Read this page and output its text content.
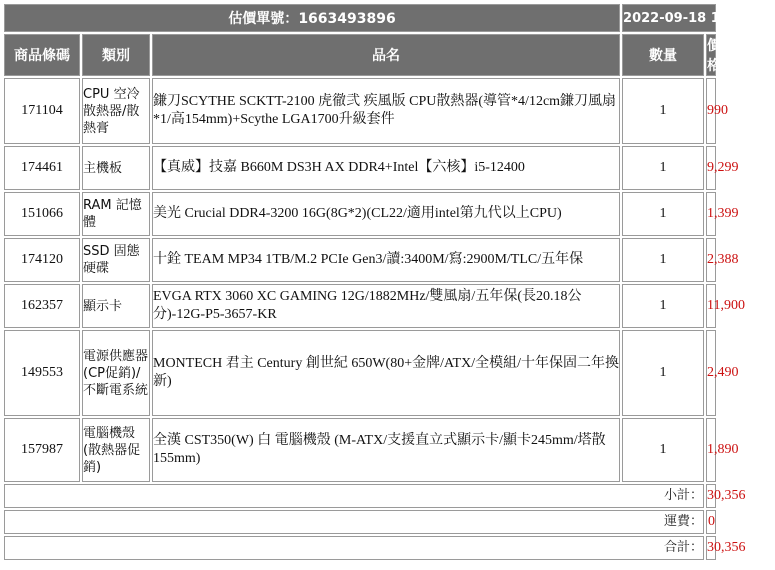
估價單號：1663493896			2022-09-18 17:38:16	
商品條碼	類別	品名	數量	價格
171104	CPU 空冷散熱器/散熱膏	鎌刀SCYTHE SCKTT-2100 虎徹弐 疾風版 CPU散熱器(導管*4/12cm鎌刀風扇*1/高154mm)+Scythe LGA1700升級套件	1	990
174461	主機板	【真威】技嘉 B660M DS3H AX DDR4+Intel【六核】i5-12400	1	9,299
151066	RAM 記憶體	美光 Crucial DDR4-3200 16G(8G*2)(CL22/適用intel第九代以上CPU)	1	1,399
174120	SSD 固態硬碟	十銓 TEAM MP34 1TB/M.2 PCIe Gen3/讀:3400M/寫:2900M/TLC/五年保	1	2,388
162357	顯示卡	EVGA RTX 3060 XC GAMING 12G/1882MHz/雙風扇/五年保(長20.18公分)-12G-P5-3657-KR	1	11,900
149553	電源供應器(CP促銷)/不斷電系統	MONTECH 君主 Century 創世紀 650W(80+金牌/ATX/全模組/十年保固二年換新)	1	2,490
157987	電腦機殼(散熱器促銷)	全漢 CST350(W) 白 電腦機殼 (M-ATX/支援直立式顯示卡/顯卡245mm/塔散155mm)	1	1,890
小計：				30,356
運費：				0
合計：				30,356
